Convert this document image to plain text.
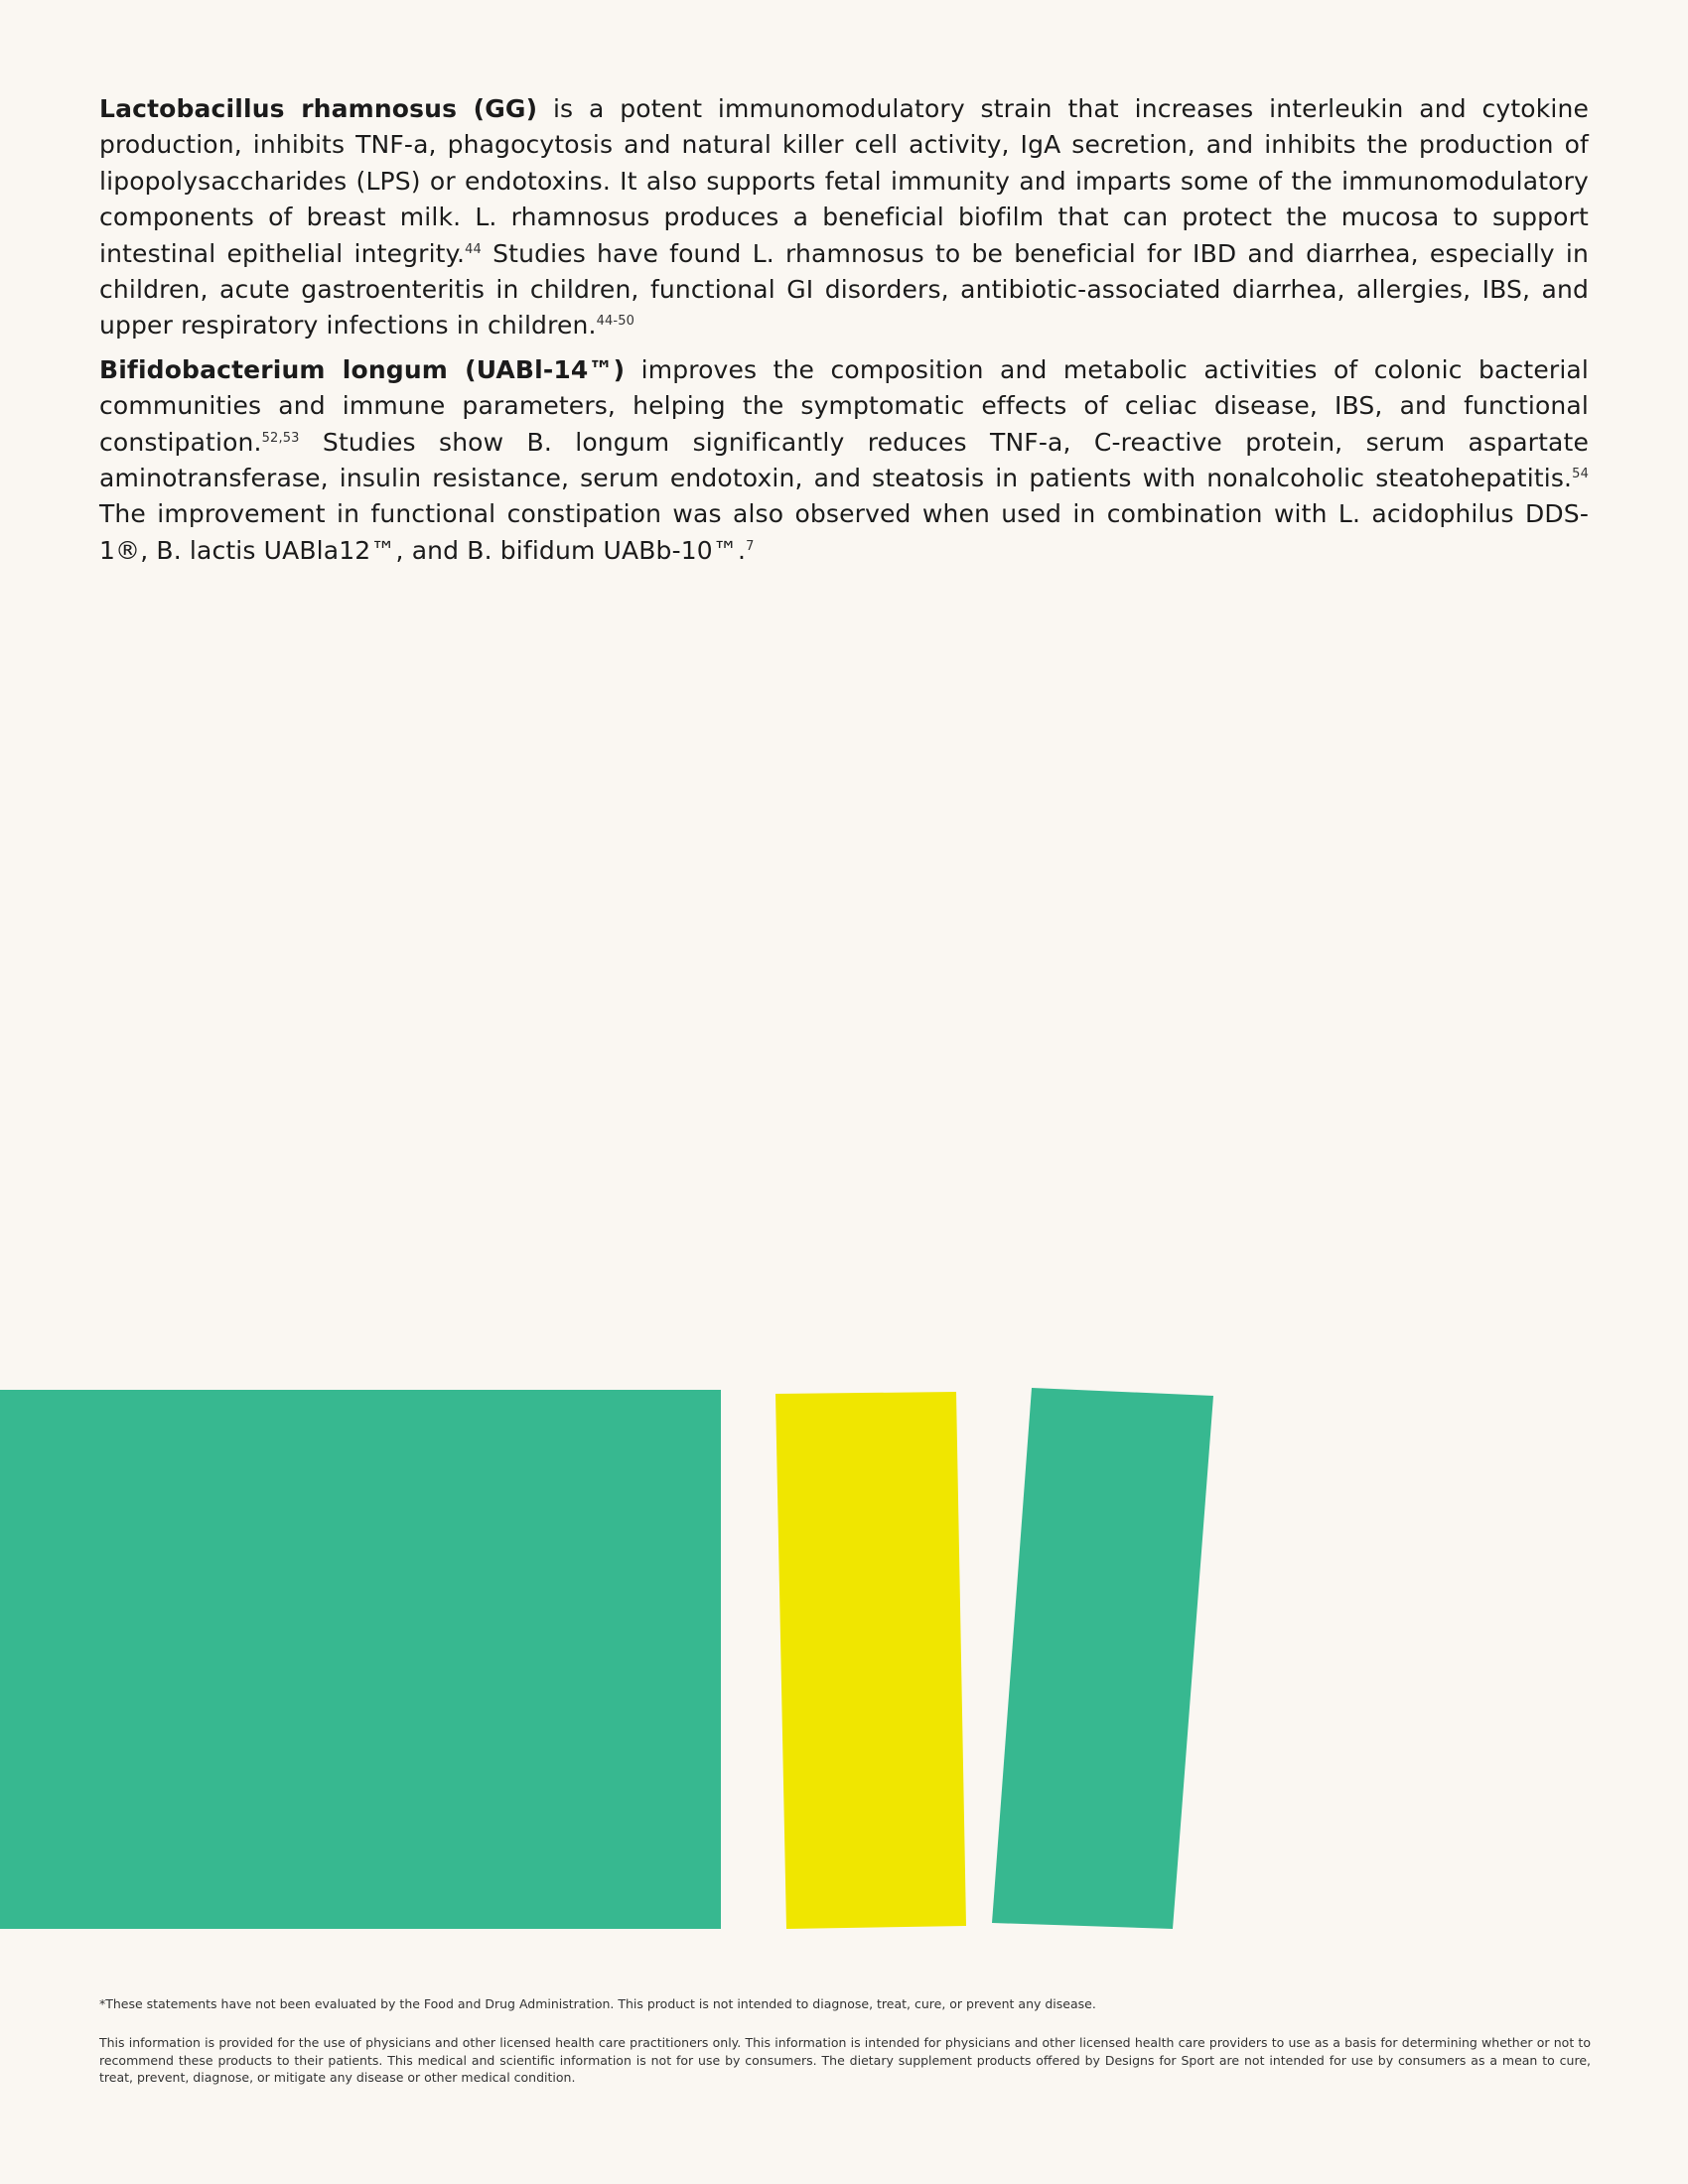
Lactobacillus rhamnosus (GG) is a potent immunomodulatory strain that increases interleukin and cytokine production, inhibits TNF-a, phagocytosis and natural killer cell activity, IgA secretion, and inhibits the production of lipopolysaccharides (LPS) or endotoxins. It also supports fetal immunity and imparts some of the immunomodulatory components of breast milk. L. rhamnosus produces a beneficial biofilm that can protect the mucosa to support intestinal epithelial integrity.$^{44}$ Studies have found L. rhamnosus to be beneficial for IBD and diarrhea, especially in children, acute gastroenteritis in children, functional GI disorders, antibiotic-associated diarrhea, allergies, IBS, and upper respiratory infections in children.$^{44-50}$

Bifidobacterium longum (UABl-14™) improves the composition and metabolic activities of colonic bacterial communities and immune parameters, helping the symptomatic effects of celiac disease, IBS, and functional constipation.$^{52,53}$ Studies show B. longum significantly reduces TNF-a, C-reactive protein, serum aspartate aminotransferase, insulin resistance, serum endotoxin, and steatosis in patients with nonalcoholic steatohepatitis.$^{54}$ The improvement in functional constipation was also observed when used in combination with L. acidophilus DDS-1®, B. lactis UABla12™, and B. bifidum UABb-10™.$^7$

*These statements have not been evaluated by the Food and Drug Administration. This product is not intended to diagnose, treat, cure, or prevent any disease.
This information is provided for the use of physicians and other licensed health care practitioners only. This information is intended for physicians and other licensed health care providers to use as a basis for determining whether or not to recommend these products to their patients. This medical and scientific information is not for use by consumers. The dietary supplement products offered by Designs for Sport are not intended for use by consumers as a mean to cure, treat, prevent, diagnose, or mitigate any disease or other medical condition.
